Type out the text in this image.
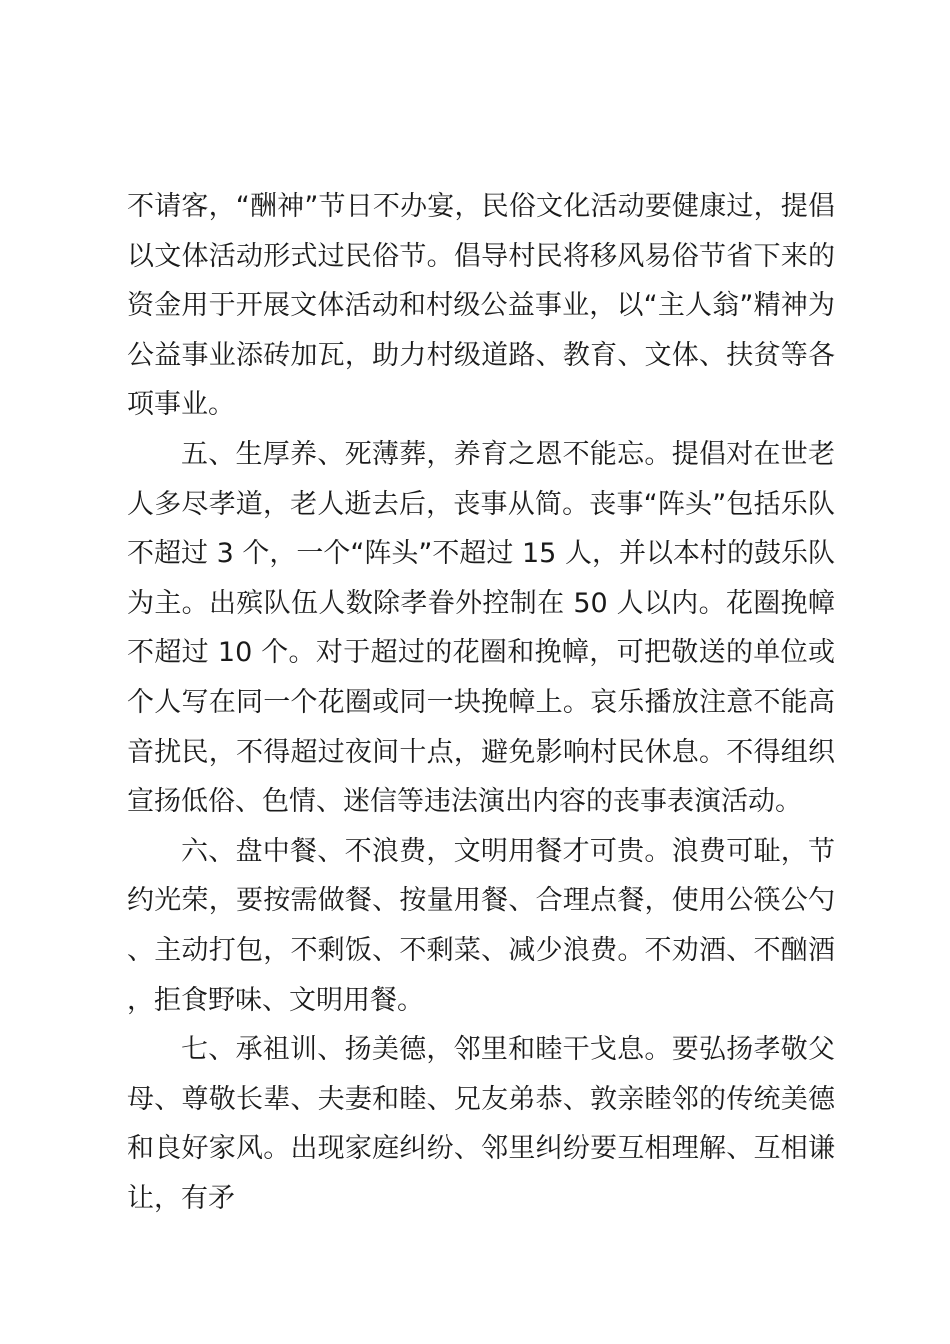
不请客，“酬神”节日不办宴，民俗文化活动要健康过，提倡以文体活动形式过民俗节。倡导村民将移风易俗节省下来的资金用于开展文体活动和村级公益事业，以“主人翁”精神为公益事业添砖加瓦，助力村级道路、教育、文体、扶贫等各项事业。

五、生厚养、死薄葬，养育之恩不能忘。提倡对在世老人多尽孝道，老人逝去后，丧事从简。丧事“阵头”包括乐队不超过 3 个，一个“阵头”不超过 15 人，并以本村的鼓乐队为主。出殡队伍人数除孝眷外控制在 50 人以内。花圈挽幛不超过 10 个。对于超过的花圈和挽幛，可把敬送的单位或个人写在同一个花圈或同一块挽幛上。哀乐播放注意不能高音扰民，不得超过夜间十点，避免影响村民休息。不得组织宣扬低俗、色情、迷信等违法演出内容的丧事表演活动。

六、盘中餐、不浪费，文明用餐才可贵。浪费可耻，节约光荣，要按需做餐、按量用餐、合理点餐，使用公筷公勺、主动打包，不剩饭、不剩菜、减少浪费。不劝酒、不酗酒，拒食野味、文明用餐。

七、承祖训、扬美德，邻里和睦干戈息。要弘扬孝敬父母、尊敬长辈、夫妻和睦、兄友弟恭、敦亲睦邻的传统美德和良好家风。出现家庭纠纷、邻里纠纷要互相理解、互相谦让，有矛
